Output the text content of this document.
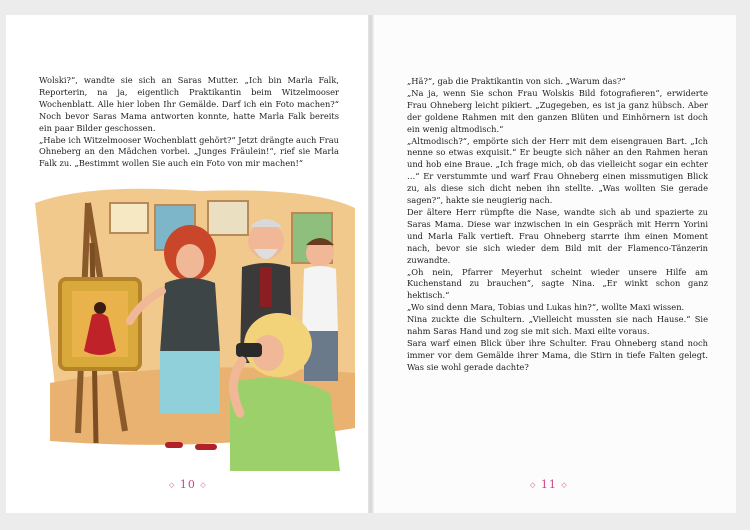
Wolski?“, wandte sie sich an Saras Mutter. „Ich bin Marla Falk, Reporterin, na ja, eigentlich Praktikantin beim Witzelmooser Wochenblatt. Alle hier loben Ihr Gemälde. Darf ich ein Foto machen?“ Noch bevor Saras Mama antworten konnte, hatte Marla Falk bereits ein paar Bilder geschossen.

„Habe ich Witzelmooser Wochenblatt gehört?“ Jetzt drängte auch Frau Ohneberg an den Mädchen vorbei. „Junges Fräulein!“, rief sie Marla Falk zu. „Bestimmt wollen Sie auch ein Foto von mir machen!“

◇ 10 ◇

„Hä?“, gab die Praktikantin von sich. „Warum das?“

„Na ja, wenn Sie schon Frau Wolskis Bild fotografieren“, erwiderte Frau Ohneberg leicht pikiert. „Zugegeben, es ist ja ganz hübsch. Aber der goldene Rahmen mit den ganzen Blüten und Einhörnern ist doch ein wenig altmodisch.“

„Altmodisch?“, empörte sich der Herr mit dem eisengrauen Bart. „Ich nenne so etwas exquisit.“ Er beugte sich näher an den Rahmen heran und hob eine Braue. „Ich frage mich, ob das vielleicht sogar ein echter …“ Er verstummte und warf Frau Ohneberg einen missmutigen Blick zu, als diese sich dicht neben ihn stellte. „Was wollten Sie gerade sagen?“, hakte sie neugierig nach.

Der ältere Herr rümpfte die Nase, wandte sich ab und spazierte zu Saras Mama. Diese war inzwischen in ein Gespräch mit Herrn Yorini und Marla Falk vertieft. Frau Ohneberg starrte ihm einen Moment nach, bevor sie sich wieder dem Bild mit der Flamenco-Tänzerin zuwandte.

„Oh nein, Pfarrer Meyerhut scheint wieder unsere Hilfe am Kuchenstand zu brauchen“, sagte Nina. „Er winkt schon ganz hektisch.“

„Wo sind denn Mara, Tobias und Lukas hin?“, wollte Maxi wissen.

Nina zuckte die Schultern. „Vielleicht mussten sie nach Hause.“ Sie nahm Saras Hand und zog sie mit sich. Maxi eilte voraus.

Sara warf einen Blick über ihre Schulter. Frau Ohneberg stand noch immer vor dem Gemälde ihrer Mama, die Stirn in tiefe Falten gelegt. Was sie wohl gerade dachte?

◇ 11 ◇
